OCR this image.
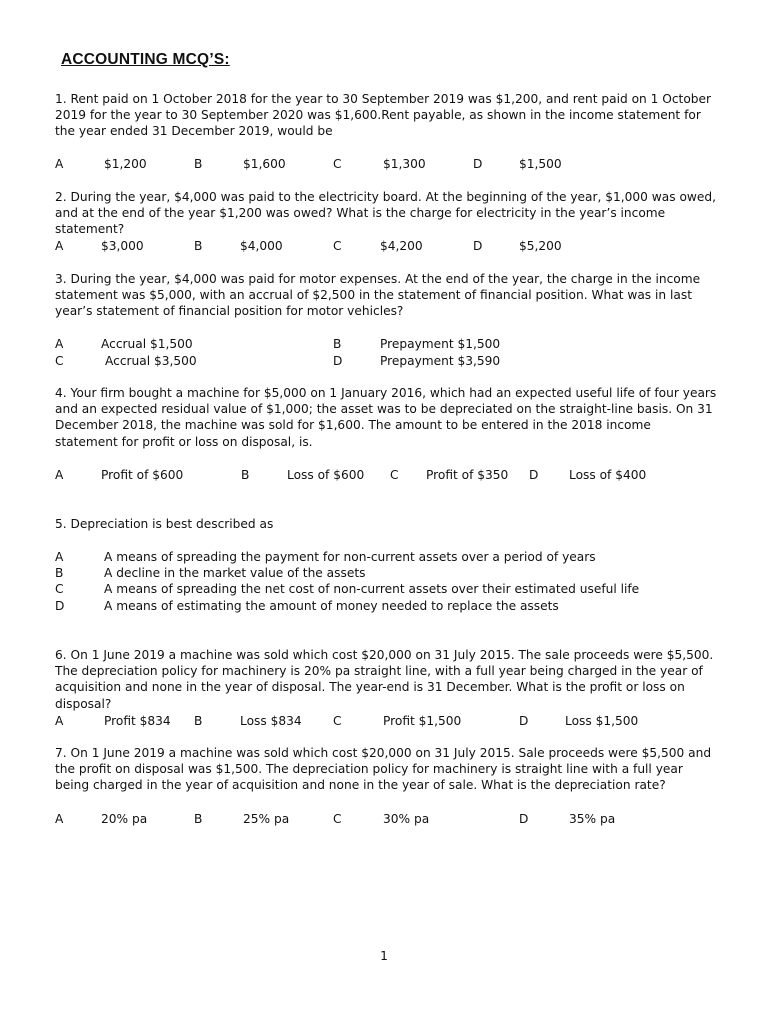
ACCOUNTING MCQ’S:

1. Rent paid on 1 October 2018 for the year to 30 September 2019 was $1,200, and rent paid on 1 October 2019 for the year to 30 September 2020 was $1,600.Rent payable, as shown in the income statement for the year ended 31 December 2019, would be

A	$1,200	B	$1,600	C	$1,300	D	$1,500

2. During the year, $4,000 was paid to the electricity board. At the beginning of the year, $1,000 was owed, and at the end of the year $1,200 was owed? What is the charge for electricity in the year’s income statement?

A	$3,000	B	$4,000	C	$4,200	D	$5,200

3. During the year, $4,000 was paid for motor expenses. At the end of the year, the charge in the income statement was $5,000, with an accrual of $2,500 in the statement of financial position. What was in last year’s statement of financial position for motor vehicles?

A	Accrual $1,500	B	Prepayment $1,500
C	Accrual $3,500	D	Prepayment $3,590

4. Your firm bought a machine for $5,000 on 1 January 2016, which had an expected useful life of four years and an expected residual value of $1,000; the asset was to be depreciated on the straight-line basis. On 31 December 2018, the machine was sold for $1,600. The amount to be entered in the 2018 income statement for profit or loss on disposal, is.

A	Profit of $600	B	Loss of $600 C Profit of $350 D	Loss of $400

5. Depreciation is best described as

A	A means of spreading the payment for non-current assets over a period of years
B	A decline in the market value of the assets
C	A means of spreading the net cost of non-current assets over their estimated useful life
D	A means of estimating the amount of money needed to replace the assets

6. On 1 June 2019 a machine was sold which cost $20,000 on 31 July 2015. The sale proceeds were $5,500. The depreciation policy for machinery is 20% pa straight line, with a full year being charged in the year of acquisition and none in the year of disposal. The year-end is 31 December. What is the profit or loss on disposal?

A	Profit $834 B	Loss $834	C	Profit $1,500	D	Loss $1,500

7. On 1 June 2019 a machine was sold which cost $20,000 on 31 July 2015. Sale proceeds were $5,500 and the profit on disposal was $1,500. The depreciation policy for machinery is straight line with a full year being charged in the year of acquisition and none in the year of sale. What is the depreciation rate?

A	20% pa	B	25% pa	C	30% pa	D	35% pa
1
